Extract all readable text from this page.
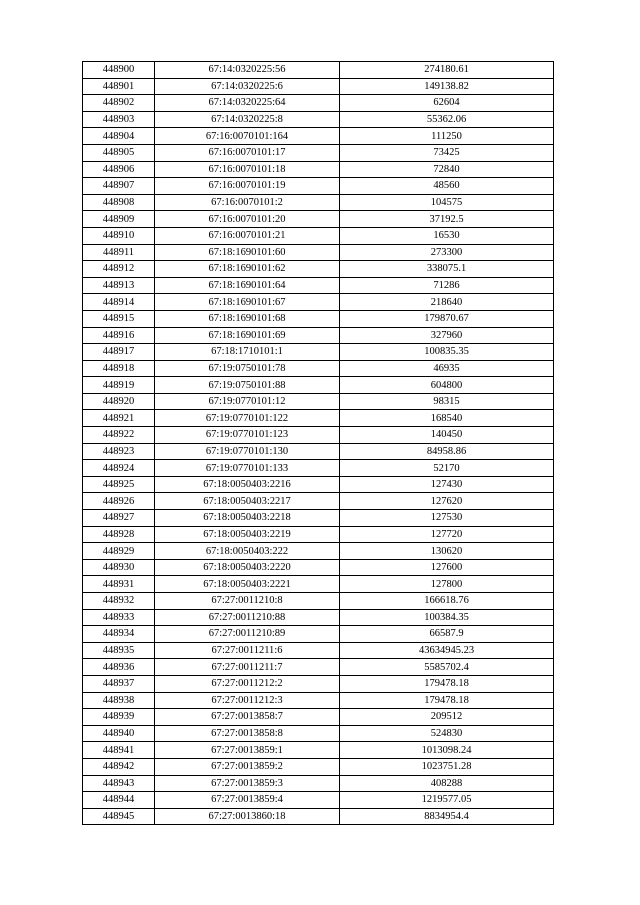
448900	67:14:0320225:56	274180.61
448901	67:14:0320225:6	149138.82
448902	67:14:0320225:64	62604
448903	67:14:0320225:8	55362.06
448904	67:16:0070101:164	111250
448905	67:16:0070101:17	73425
448906	67:16:0070101:18	72840
448907	67:16:0070101:19	48560
448908	67:16:0070101:2	104575
448909	67:16:0070101:20	37192.5
448910	67:16:0070101:21	16530
448911	67:18:1690101:60	273300
448912	67:18:1690101:62	338075.1
448913	67:18:1690101:64	71286
448914	67:18:1690101:67	218640
448915	67:18:1690101:68	179870.67
448916	67:18:1690101:69	327960
448917	67:18:1710101:1	100835.35
448918	67:19:0750101:78	46935
448919	67:19:0750101:88	604800
448920	67:19:0770101:12	98315
448921	67:19:0770101:122	168540
448922	67:19:0770101:123	140450
448923	67:19:0770101:130	84958.86
448924	67:19:0770101:133	52170
448925	67:18:0050403:2216	127430
448926	67:18:0050403:2217	127620
448927	67:18:0050403:2218	127530
448928	67:18:0050403:2219	127720
448929	67:18:0050403:222	130620
448930	67:18:0050403:2220	127600
448931	67:18:0050403:2221	127800
448932	67:27:0011210:8	166618.76
448933	67:27:0011210:88	100384.35
448934	67:27:0011210:89	66587.9
448935	67:27:0011211:6	43634945.23
448936	67:27:0011211:7	5585702.4
448937	67:27:0011212:2	179478.18
448938	67:27:0011212:3	179478.18
448939	67:27:0013858:7	209512
448940	67:27:0013858:8	524830
448941	67:27:0013859:1	1013098.24
448942	67:27:0013859:2	1023751.28
448943	67:27:0013859:3	408288
448944	67:27:0013859:4	1219577.05
448945	67:27:0013860:18	8834954.4
